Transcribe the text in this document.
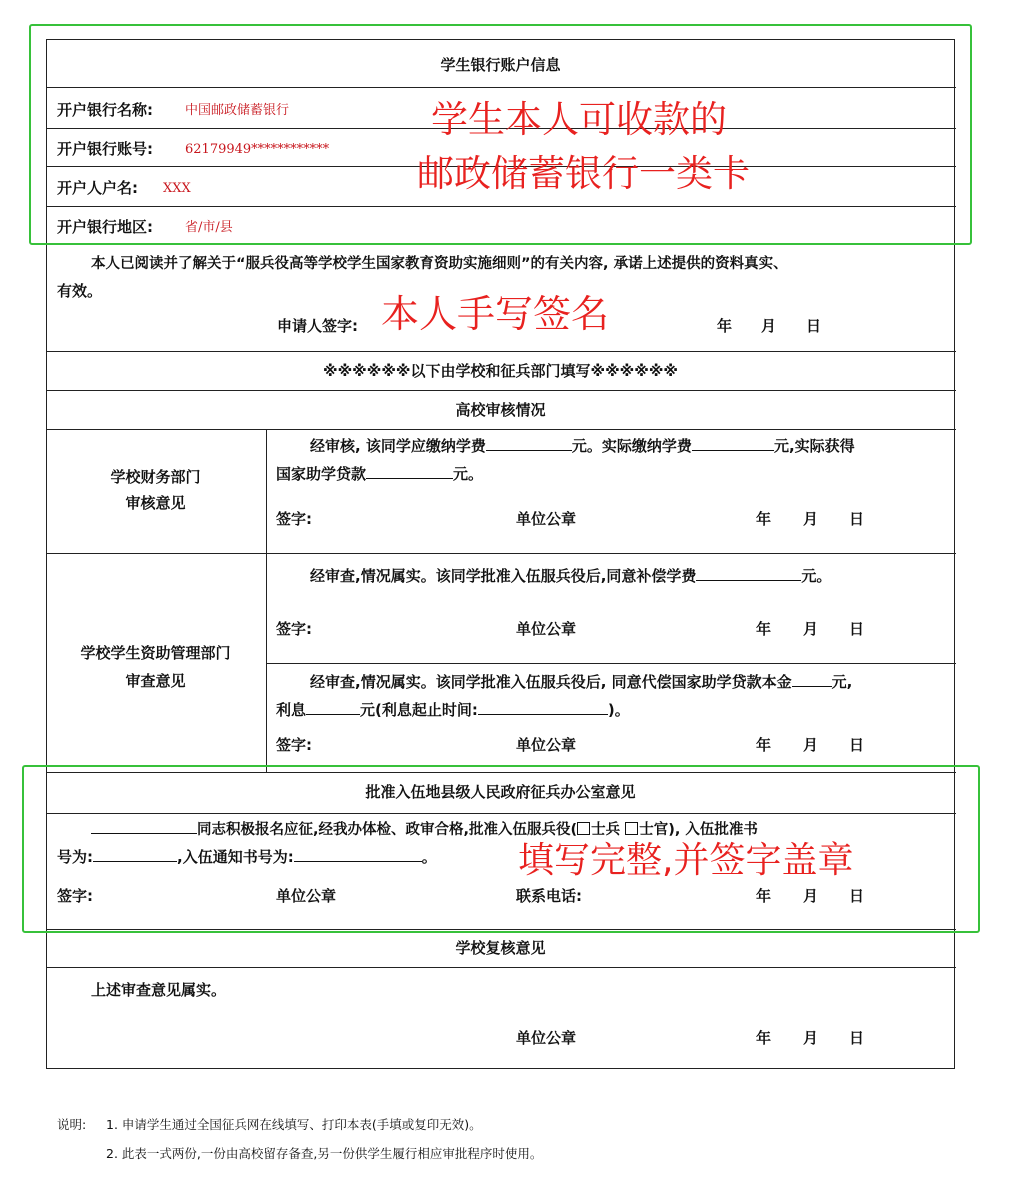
学生银行账户信息
开户银行名称: 中国邮政储蓄银行
开户银行账号: 62179949************
开户人户名: XXX
开户银行地区: 省/市/县
本人已阅读并了解关于“服兵役高等学校学生国家教育资助实施细则”的有关内容, 承诺上述提供的资料真实、
有效。
申请人签字:	年 月 日
※※※※※※以下由学校和征兵部门填写※※※※※※
高校审核情况
学校财务部门
审核意见
经审核, 该同学应缴纳学费	元。实际缴纳学费	元,实际获得
国家助学贷款	元。
签字:	单位公章	年 月 日
学校学生资助管理部门
审查意见
经审查,情况属实。该同学批准入伍服兵役后,同意补偿学费	元。
签字:	单位公章	年 月 日
经审查,情况属实。该同学批准入伍服兵役后, 同意代偿国家助学贷款本金	元,
利息	元(利息起止时间:	)。
签字:	单位公章	年 月 日
批准入伍地县级人民政府征兵办公室意见
同志积极报名应征,经我办体检、政审合格,批准入伍服兵役( 士兵 士官), 入伍批准书
号为:	,入伍通知书号为:	。
签字:	单位公章	联系电话:	年 月 日
学校复核意见
上述审查意见属实。
单位公章	年 月 日
说明: 1. 申请学生通过全国征兵网在线填写、打印本表(手填或复印无效)。
2. 此表一式两份,一份由高校留存备查,另一份供学生履行相应审批程序时使用。
学生本人可收款的
邮政储蓄银行一类卡
本人手写签名
填写完整,并签字盖章
